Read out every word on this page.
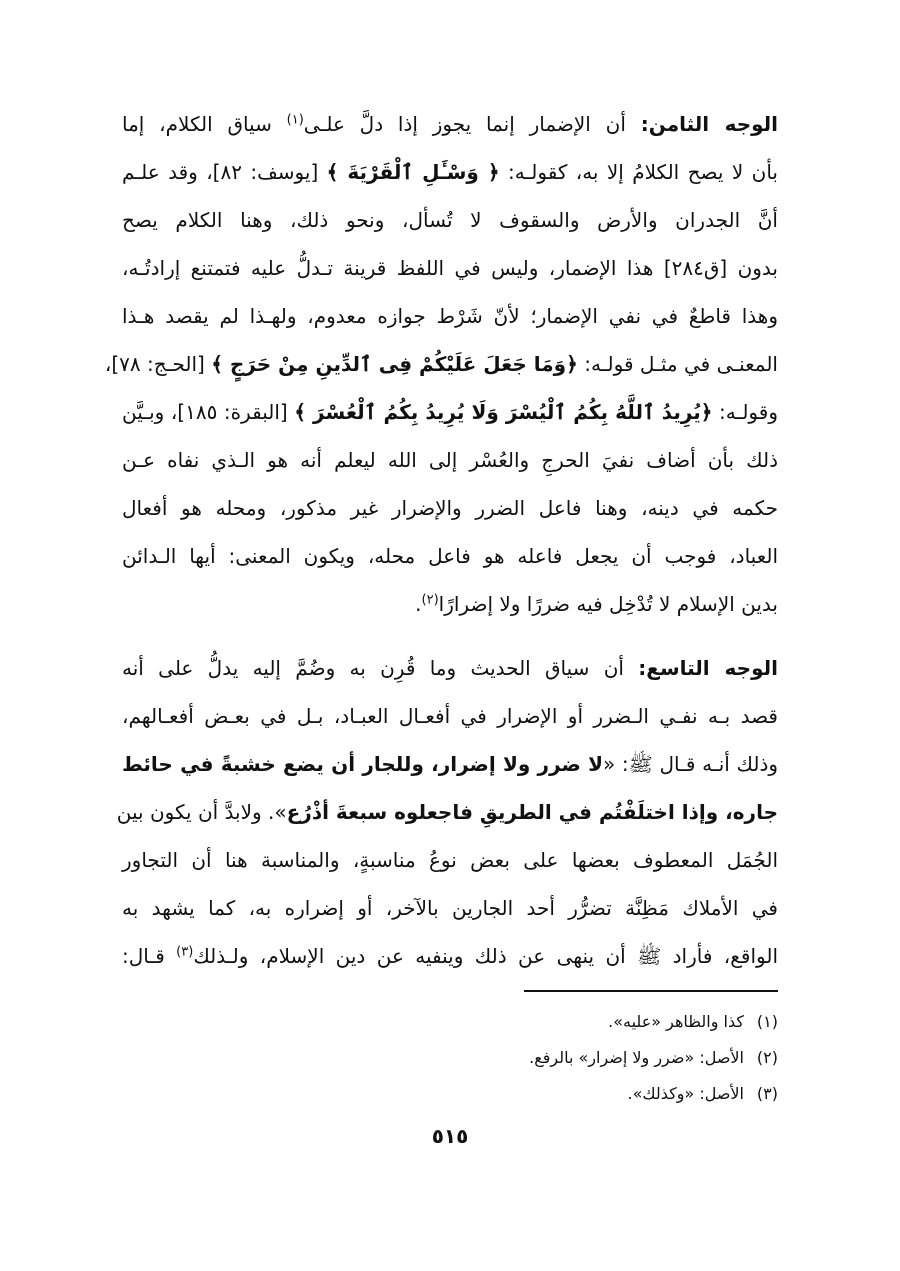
الوجه الثامن: أن الإضمار إنما يجوز إذا دلَّ علـى$^{(١)}$ سياق الكلام، إما
بأن لا يصح الكلامُ إلا به، كقولـه: ﴿ وَسْـَٔلِ ٱلْقَرْيَةَ ﴾ [يوسف: ٨٢]، وقد علـم
أنَّ الجدران والأرض والسقوف لا تُسأل، ونحو ذلك، وهنا الكلام يصح
بدون [ق٢٨٤] هذا الإضمار، وليس في اللفظ قرينة تـدلُّ عليه فتمتنع إرادتُـه،
وهذا قاطعٌ في نفي الإضمار؛ لأنّ شَرْط جوازه معدوم، ولهـذا لم يقصد هـذا
المعنـى في مثـل قولـه: ﴿وَمَا جَعَلَ عَلَيْكُمْ فِى ٱلدِّينِ مِنْ حَرَجٍ ﴾ [الحـج: ٧٨]،
وقولـه: ﴿يُرِيدُ ٱللَّهُ بِكُمُ ٱلْيُسْرَ وَلَا يُرِيدُ بِكُمُ ٱلْعُسْرَ ﴾ [البقرة: ١٨٥]، وبـيَّن
ذلك بأن أضاف نفيَ الحرجِ والعُسْر إلى الله ليعلم أنه هو الـذي نفاه عـن
حكمه في دينه، وهنا فاعل الضرر والإضرار غير مذكور، ومحله هو أفعال
العباد، فوجب أن يجعل فاعله هو فاعل محله، ويكون المعنى: أيها الـدائن
بدين الإسلام لا تُدْخِل فيه ضررًا ولا إضرارًا$^{(٢)}$.
الوجه التاسع: أن سياق الحديث وما قُرِن به وضُمَّ إليه يدلُّ على أنه
قصد بـه نفـي الـضرر أو الإضرار في أفعـال العبـاد، بـل في بعـض أفعـالهم،
وذلك أنـه قـال ﷺ: «لا ضرر ولا إضرار، وللجار أن يضع خشبةً في حائط
جاره، وإذا اختلَفْتُم في الطريقِ فاجعلوه سبعةَ أذْرُع». ولابدَّ أن يكون بين
الجُمَل المعطوف بعضها على بعض نوعُ مناسبةٍ، والمناسبة هنا أن التجاور
في الأملاك مَظِنَّة تضرُّر أحد الجارين بالآخر، أو إضراره به، كما يشهد به
الواقع، فأراد ﷺ أن ينهى عن ذلك وينفيه عن دين الإسلام، ولـذلك$^{(٣)}$ قـال:
(١)كذا والظاهر «عليه».
(٢)الأصل: «ضرر ولا إضرار» بالرفع.
(٣)الأصل: «وكذلك».
٥١٥
